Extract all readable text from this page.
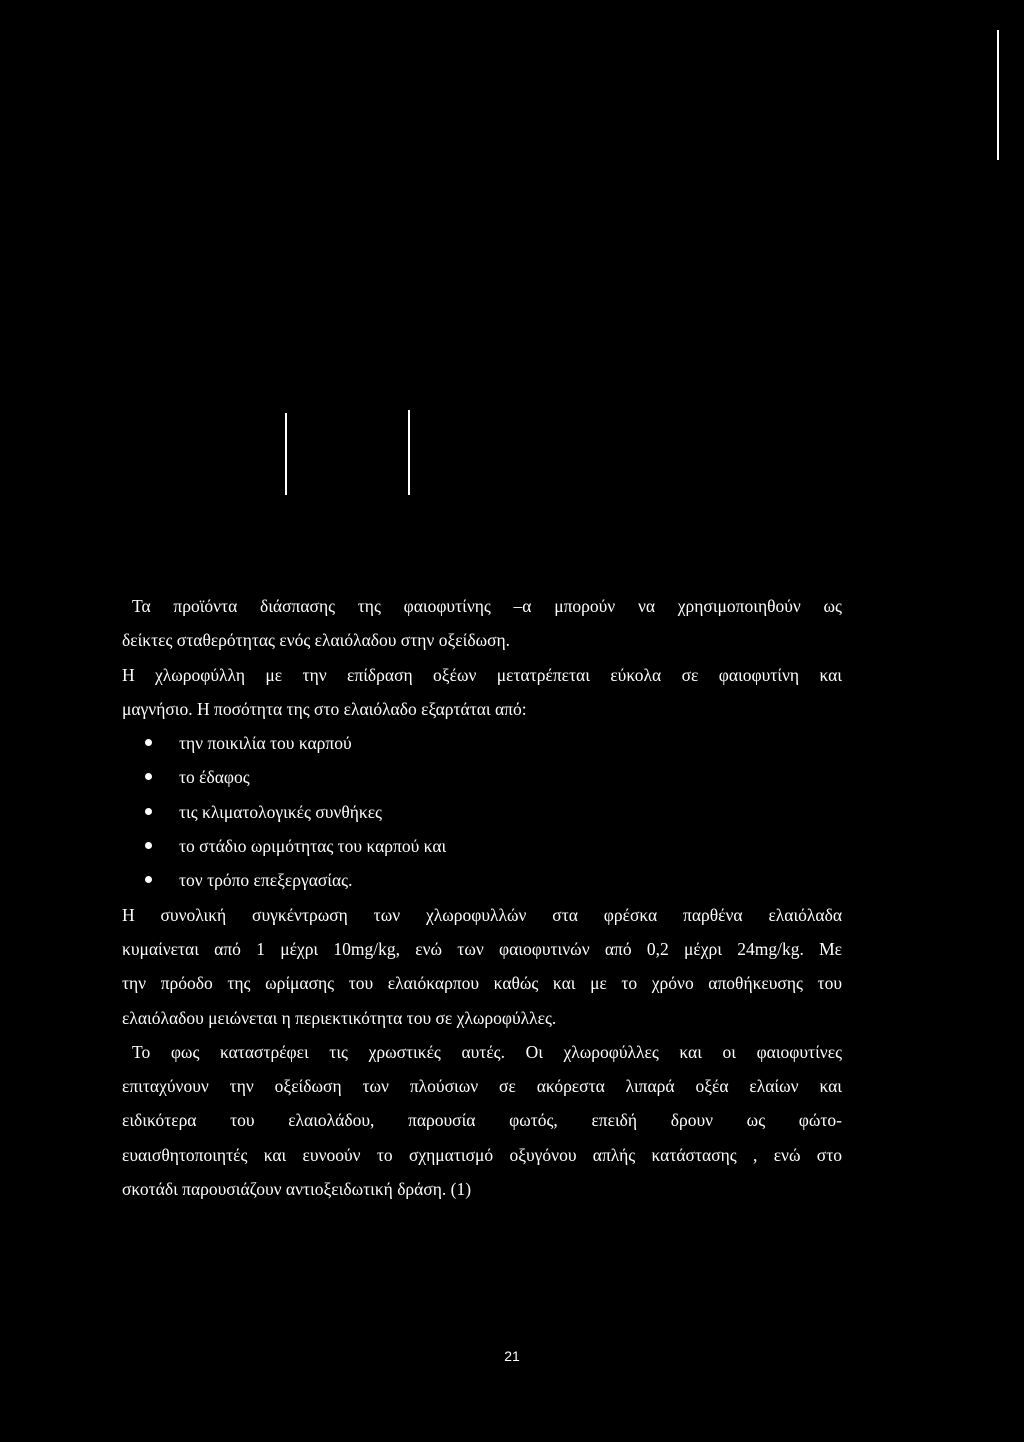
Τα προϊόντα διάσπασης της φαιοφυτίνης –α μπορούν να χρησιμοποιηθούν ως
δείκτες σταθερότητας ενός ελαιόλαδου στην οξείδωση.
Η χλωροφύλλη με την επίδραση οξέων μετατρέπεται εύκολα σε φαιοφυτίνη και
μαγνήσιο. Η ποσότητα της στο ελαιόλαδο εξαρτάται από:
την ποικιλία του καρπού
το έδαφος
τις κλιματολογικές συνθήκες
το στάδιο ωριμότητας του καρπού και
τον τρόπο επεξεργασίας.
Η συνολική συγκέντρωση των χλωροφυλλών στα φρέσκα παρθένα ελαιόλαδα
κυμαίνεται από 1 μέχρι 10mg/kg, ενώ των φαιοφυτινών από 0,2 μέχρι 24mg/kg. Με
την πρόοδο της ωρίμασης του ελαιόκαρπου καθώς και με το χρόνο αποθήκευσης του
ελαιόλαδου μειώνεται η περιεκτικότητα του σε χλωροφύλλες.
Το φως καταστρέφει τις χρωστικές αυτές. Οι χλωροφύλλες και οι φαιοφυτίνες
επιταχύνουν την οξείδωση των πλούσιων σε ακόρεστα λιπαρά οξέα ελαίων και
ειδικότερα του ελαιολάδου, παρουσία φωτός, επειδή δρουν ως φώτο-
ευαισθητοποιητές και ευνοούν το σχηματισμό οξυγόνου απλής κατάστασης , ενώ στο
σκοτάδι παρουσιάζουν αντιοξειδωτική δράση. (1)
21
